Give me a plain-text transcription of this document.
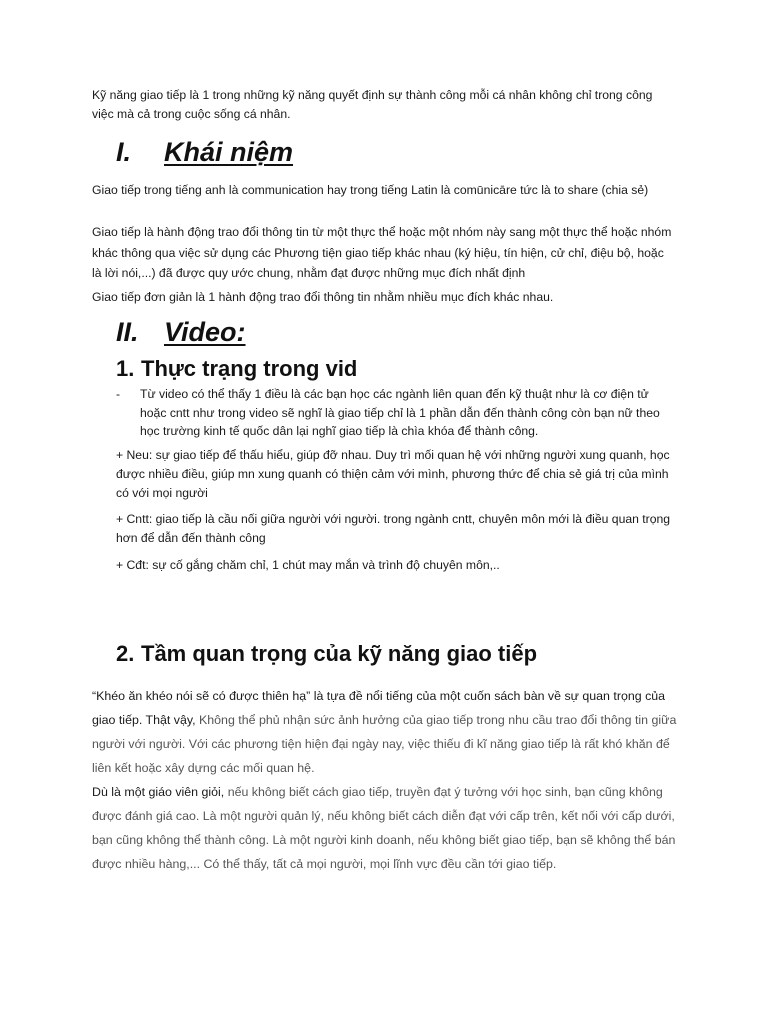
Kỹ năng giao tiếp là 1 trong những kỹ năng quyết định sự thành công mỗi cá nhân không chỉ trong công việc mà cả trong cuộc sống cá nhân.

I. Khái niệm

Giao tiếp trong tiếng anh là communication hay trong tiếng Latin là comūnicāre tức là to share (chia sẻ)

Giao tiếp là hành động trao đổi thông tin từ một thực thể hoặc một nhóm này sang một thực thể hoặc nhóm khác thông qua việc sử dụng các Phương tiện giao tiếp khác nhau (ký hiệu, tín hiện, cử chỉ, điệu bộ, hoặc là lời nói,...) đã được quy ước chung, nhằm đạt được những mục đích nhất định

Giao tiếp đơn giản là 1 hành động trao đổi thông tin nhằm nhiều mục đích khác nhau.

II. Video:
1. Thực trạng trong vid
-	Từ video có thể thấy 1 điều là các bạn học các ngành liên quan đến kỹ thuật như là cơ điện tử hoặc cntt như trong video sẽ nghĩ là giao tiếp chỉ là 1 phần dẫn đến thành công còn bạn nữ theo học trường kinh tế quốc dân lại nghĩ giao tiếp là chìa khóa để thành công.

+ Neu: sự giao tiếp để thấu hiểu, giúp đỡ nhau. Duy trì mối quan hệ với những người xung quanh, học được nhiều điều, giúp mn xung quanh có thiện cảm với mình, phương thức để chia sẻ giá trị của mình có với mọi người

+ Cntt: giao tiếp là cầu nối giữa người với người. trong ngành cntt, chuyên môn mới là điều quan trọng hơn để dẫn đến thành công

+ Cđt: sự cố gắng chăm chỉ, 1 chút may mắn và trình độ chuyên môn,..

2. Tầm quan trọng của kỹ năng giao tiếp

“Khéo ăn khéo nói sẽ có được thiên hạ” là tựa đề nổi tiếng của một cuốn sách bàn về sự quan trọng của giao tiếp. Thật vậy, Không thể phủ nhận sức ảnh hưởng của giao tiếp trong nhu cầu trao đổi thông tin giữa người với người. Với các phương tiện hiện đại ngày nay, việc thiếu đi kĩ năng giao tiếp là rất khó khăn để liên kết hoặc xây dựng các mối quan hệ.

Dù là một giáo viên giỏi, nếu không biết cách giao tiếp, truyền đạt ý tưởng với học sinh, bạn cũng không được đánh giá cao. Là một người quản lý, nếu không biết cách diễn đạt với cấp trên, kết nối với cấp dưới, bạn cũng không thể thành công. Là một người kinh doanh, nếu không biết giao tiếp, bạn sẽ không thể bán được nhiều hàng,... Có thể thấy, tất cả mọi người, mọi lĩnh vực đều cần tới giao tiếp.
